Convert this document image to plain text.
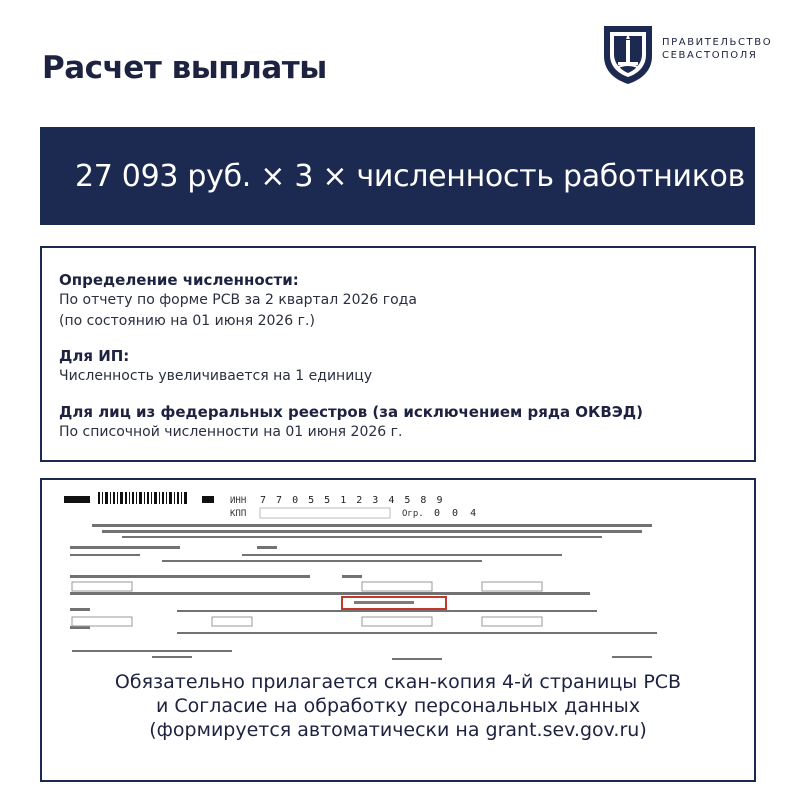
Расчет выплаты
ПРАВИТЕЛЬСТВО
СЕВАСТОПОЛЯ
27 093 руб. × 3 × численность работников
Определение численности:
По отчету по форме РСВ за 2 квартал 2026 года
(по состоянию на 01 июня 2026 г.)
Для ИП:
Численность увеличивается на 1 единицу
Для лиц из федеральных реестров (за исключением ряда ОКВЭД)
По списочной численности на 01 июня 2026 г.
ИНН 7 7 0 5 5 1 2 3 4 5 8 9
КПП	Огр. 0 0 4
Обязательно прилагается скан-копия 4-й страницы РСВ
и Согласие на обработку персональных данных
(формируется автоматически на grant.sev.gov.ru)
